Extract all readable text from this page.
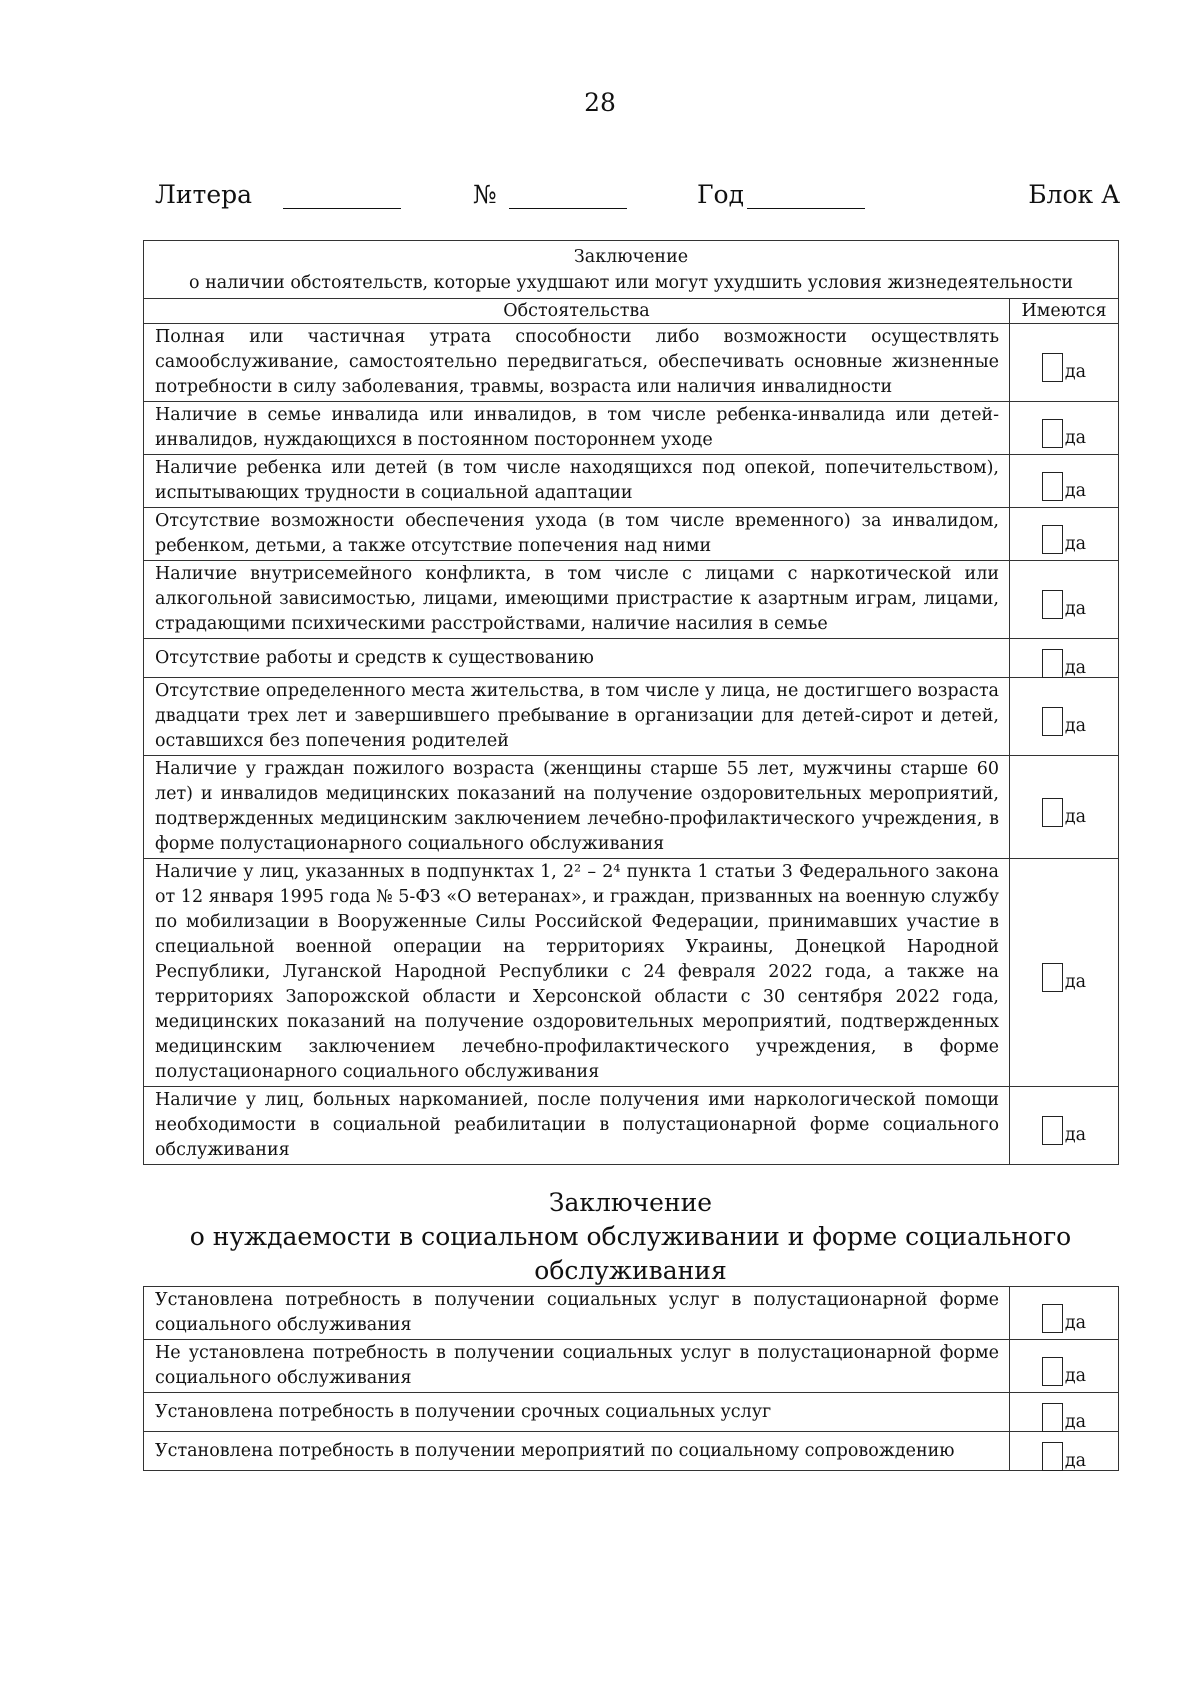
28
Литера	№	Год	Блок А
Заключение
о наличии обстоятельств, которые ухудшают или могут ухудшить условия жизнедеятельности	

Обстоятельства	Имеются
Полная или частичная утрата способности либо возможности осуществлять самообслуживание, самостоятельно передвигаться, обеспечивать основные жизненные потребности в силу заболевания, травмы, возраста или наличия инвалидности	да
Наличие в семье инвалида или инвалидов, в том числе ребенка-инвалида или детей-инвалидов, нуждающихся в постоянном постороннем уходе	да
Наличие ребенка или детей (в том числе находящихся под опекой, попечительством), испытывающих трудности в социальной адаптации	да
Отсутствие возможности обеспечения ухода (в том числе временного) за инвалидом, ребенком, детьми, а также отсутствие попечения над ними	да
Наличие внутрисемейного конфликта, в том числе с лицами с наркотической или алкогольной зависимостью, лицами, имеющими пристрастие к азартным играм, лицами, страдающими психическими расстройствами, наличие насилия в семье	да
Отсутствие работы и средств к существованию	да
Отсутствие определенного места жительства, в том числе у лица, не достигшего возраста двадцати трех лет и завершившего пребывание в организации для детей-сирот и детей, оставшихся без попечения родителей	да
Наличие у граждан пожилого возраста (женщины старше 55 лет, мужчины старше 60 лет) и инвалидов медицинских показаний на получение оздоровительных мероприятий, подтвержденных медицинским заключением лечебно-профилактического учреждения, в форме полустационарного социального обслуживания	да
Наличие у лиц, указанных в подпунктах 1, 2² – 2⁴ пункта 1 статьи 3 Федерального закона от 12 января 1995 года № 5-ФЗ «О ветеранах», и граждан, призванных на военную службу по мобилизации в Вооруженные Силы Российской Федерации, принимавших участие в специальной военной операции на территориях Украины, Донецкой Народной Республики, Луганской Народной Республики с 24 февраля 2022 года, а также на территориях Запорожской области и Херсонской области с 30 сентября 2022 года, медицинских показаний на получение оздоровительных мероприятий, подтвержденных медицинским заключением лечебно-профилактического учреждения, в форме полустационарного социального обслуживания	да
Наличие у лиц, больных наркоманией, после получения ими наркологической помощи необходимости в социальной реабилитации в полустационарной форме социального обслуживания	да
Заключение
о нуждаемости в социальном обслуживании и форме социального
обслуживания
Установлена потребность в получении социальных услуг в полустационарной форме социального обслуживания	да
Не установлена потребность в получении социальных услуг в полустационарной форме социального обслуживания	да
Установлена потребность в получении срочных социальных услуг	да
Установлена потребность в получении мероприятий по социальному сопровождению	да
